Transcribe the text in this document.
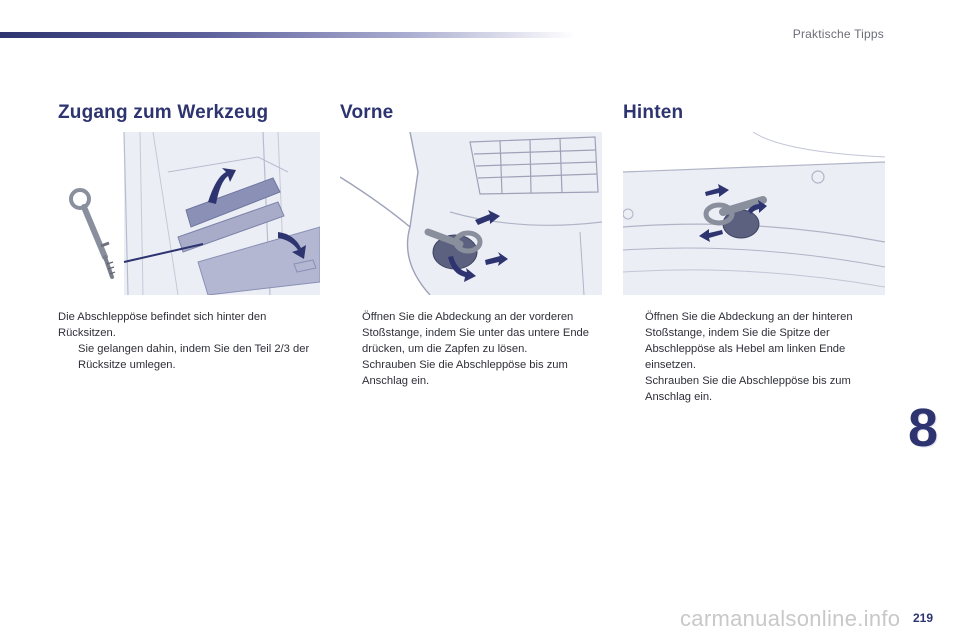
Praktische Tipps
Zugang zum Werkzeug

Die Abschleppöse befindet sich hinter den Rücksitzen.

Sie gelangen dahin, indem Sie den Teil 2/3 der Rücksitze umlegen.
Vorne
Öffnen Sie die Abdeckung an der vorderen Stoßstange, indem Sie unter das untere Ende drücken, um die Zapfen zu lösen.
Schrauben Sie die Abschleppöse bis zum Anschlag ein.
Hinten
Öffnen Sie die Abdeckung an der hinteren Stoßstange, indem Sie die Spitze der Abschleppöse als Hebel am linken Ende einsetzen.
Schrauben Sie die Abschleppöse bis zum Anschlag ein.
8
carmanualsonline.info 219
